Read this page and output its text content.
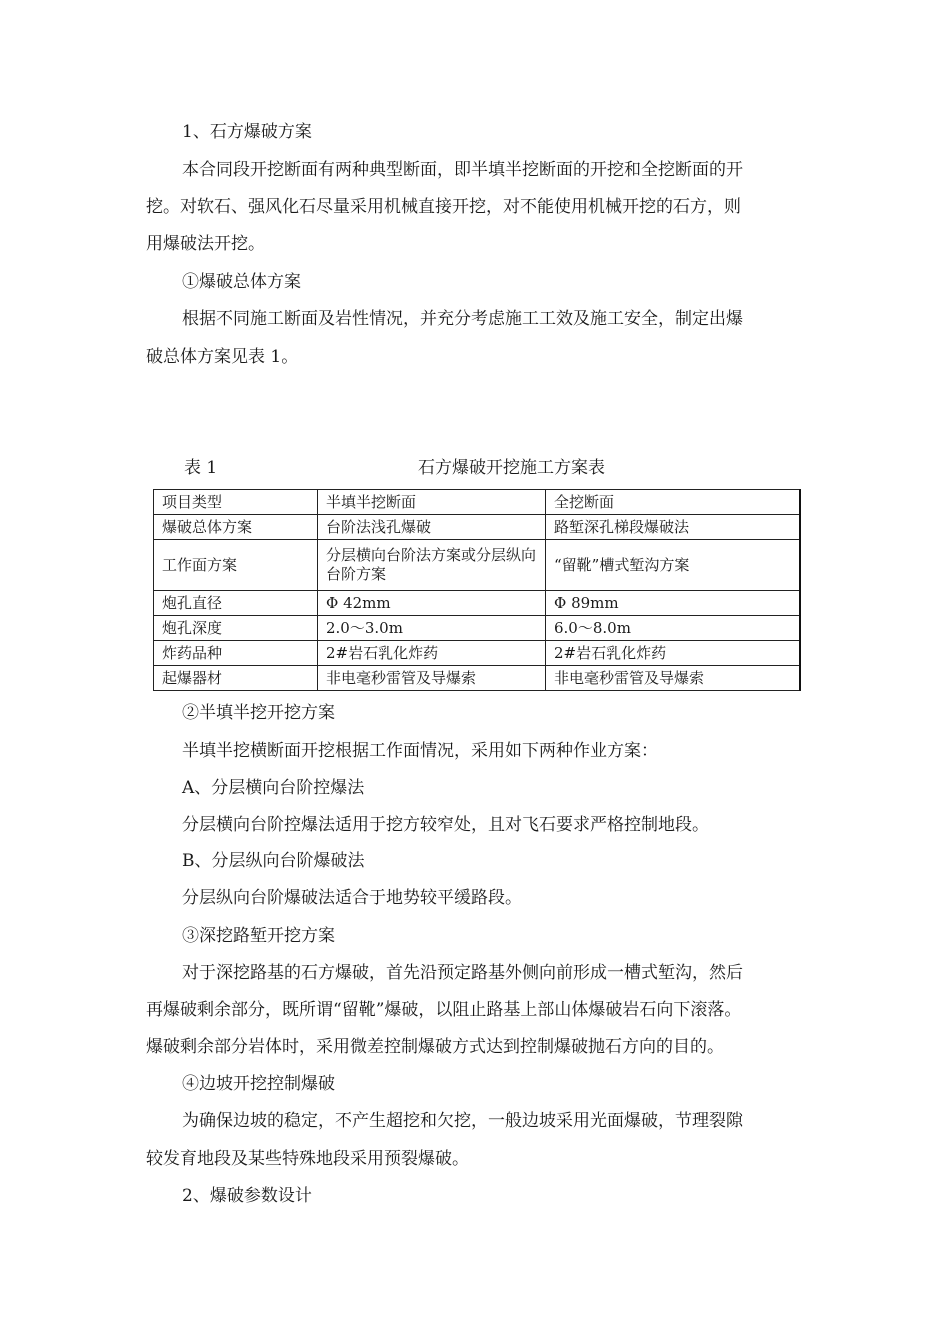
1、石方爆破方案
本合同段开挖断面有两种典型断面，即半填半挖断面的开挖和全挖断面的开
挖。对软石、强风化石尽量采用机械直接开挖，对不能使用机械开挖的石方，则
用爆破法开挖。
①爆破总体方案
根据不同施工断面及岩性情况，并充分考虑施工工效及施工安全，制定出爆
破总体方案见表 1。
表 1	石方爆破开挖施工方案表
项目类型	半填半挖断面	全挖断面
爆破总体方案	台阶法浅孔爆破	路堑深孔梯段爆破法
工作面方案	分层横向台阶法方案或分层纵向台阶方案	“留靴”槽式堑沟方案
炮孔直径	Φ 42mm	Φ 89mm
炮孔深度	2.0～3.0m	6.0～8.0m
炸药品种	2#岩石乳化炸药	2#岩石乳化炸药
起爆器材	非电毫秒雷管及导爆索	非电毫秒雷管及导爆索
②半填半挖开挖方案
半填半挖横断面开挖根据工作面情况，采用如下两种作业方案：
A、分层横向台阶控爆法
分层横向台阶控爆法适用于挖方较窄处，且对飞石要求严格控制地段。
B、分层纵向台阶爆破法
分层纵向台阶爆破法适合于地势较平缓路段。
③深挖路堑开挖方案
对于深挖路基的石方爆破，首先沿预定路基外侧向前形成一槽式堑沟，然后
再爆破剩余部分，既所谓“留靴”爆破，以阻止路基上部山体爆破岩石向下滚落。
爆破剩余部分岩体时，采用微差控制爆破方式达到控制爆破抛石方向的目的。
④边坡开挖控制爆破
为确保边坡的稳定，不产生超挖和欠挖，一般边坡采用光面爆破，节理裂隙
较发育地段及某些特殊地段采用预裂爆破。
2、爆破参数设计
